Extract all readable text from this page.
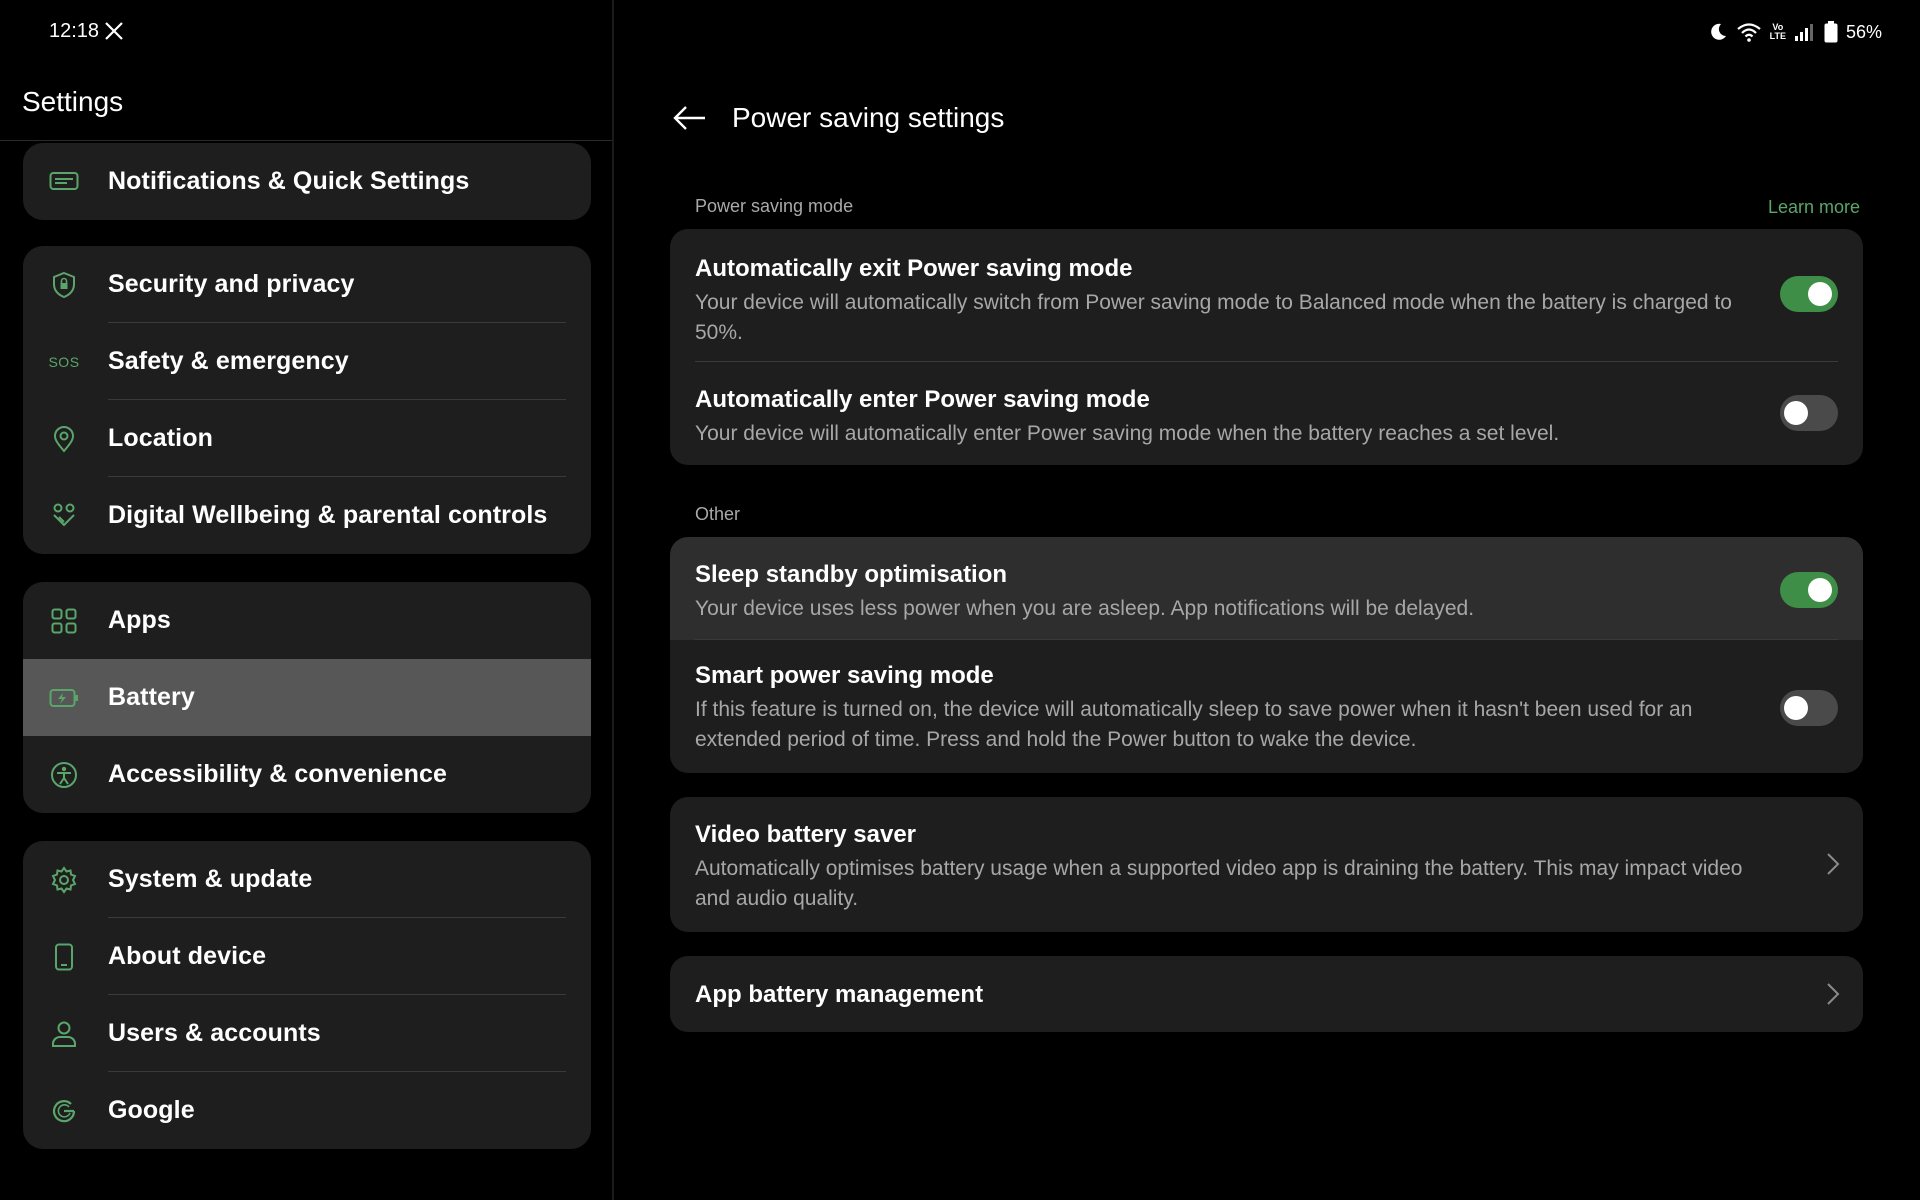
12:18	Vo
LTE	56%
Settings
Notifications & Quick Settings
Security and privacy
SOS Safety & emergency
Location
Digital Wellbeing & parental controls
Apps
Battery
Accessibility & convenience
System & update
About device
Users & accounts
Google
Power saving settings
Power saving mode	Learn more
Automatically exit Power saving mode
Your device will automatically switch from Power saving mode to Balanced mode when the battery is charged to 50%.
Automatically enter Power saving mode
Your device will automatically enter Power saving mode when the battery reaches a set level.
Other
Sleep standby optimisation
Your device uses less power when you are asleep. App notifications will be delayed.
Smart power saving mode
If this feature is turned on, the device will automatically sleep to save power when it hasn't been used for an extended period of time. Press and hold the Power button to wake the device.
Video battery saver
Automatically optimises battery usage when a supported video app is draining the battery. This may impact video and audio quality.
App battery management
